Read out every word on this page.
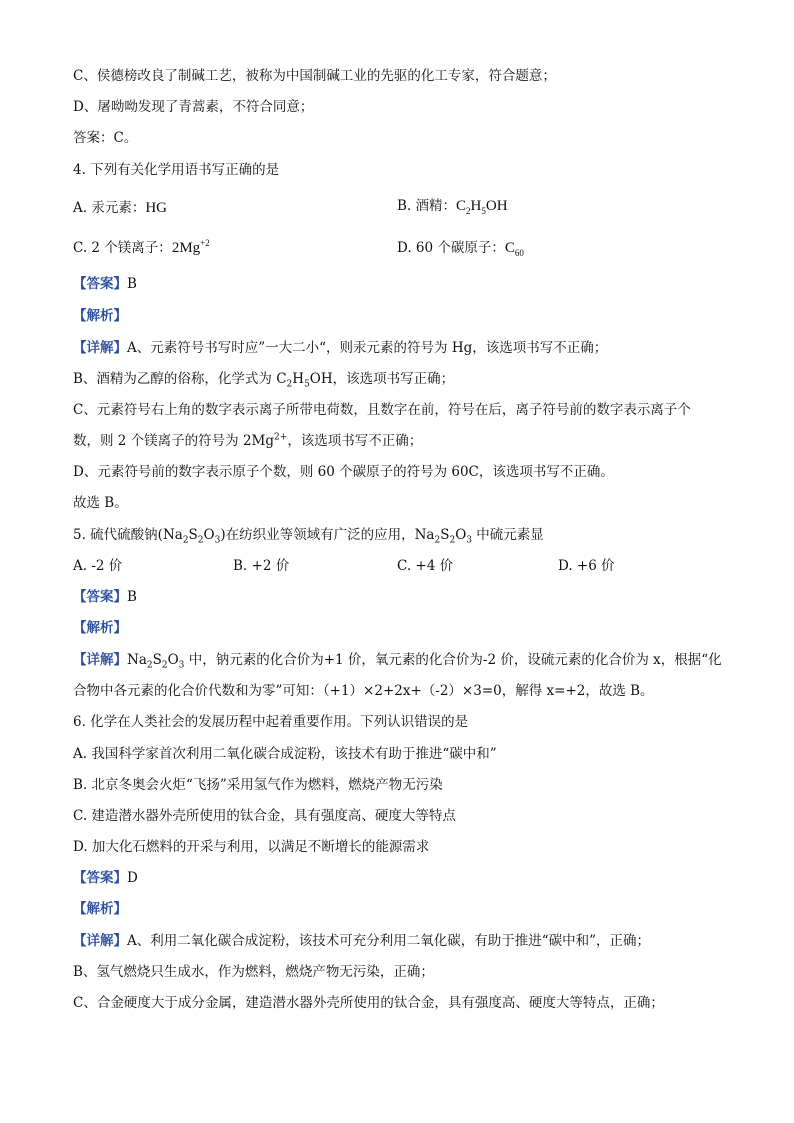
C、侯德榜改良了制碱工艺，被称为中国制碱工业的先驱的化工专家，符合题意；
D、屠呦呦发现了青蒿素，不符合同意；
答案：C。
4. 下列有关化学用语书写正确的是
A. 汞元素：HG	B. 酒精：$C_2H_5OH$
C. 2 个镁离子：$2Mg^{+2}$	D. 60 个碳原子：$C_{60}$
【答案】B
【解析】
【详解】A、元素符号书写时应”一大二小“，则汞元素的符号为 Hg，该选项书写不正确；
B、酒精为乙醇的俗称，化学式为 $C_2H_5OH$，该选项书写正确；
C、元素符号右上角的数字表示离子所带电荷数，且数字在前，符号在后，离子符号前的数字表示离子个
数，则 2 个镁离子的符号为 $2Mg^{2+}$，该选项书写不正确；
D、元素符号前的数字表示原子个数，则 60 个碳原子的符号为 60C，该选项书写不正确。
故选 B。
5. 硫代硫酸钠$(Na_2S_2O_3)$在纺织业等领域有广泛的应用，$Na_2S_2O_3$ 中硫元素显
A. -2 价	B. +2 价	C. +4 价	D. +6 价
【答案】B
【解析】
【详解】$Na_2S_2O_3$ 中，钠元素的化合价为+1 价，氧元素的化合价为-2 价，设硫元素的化合价为 x，根据“化
合物中各元素的化合价代数和为零”可知：（+1）×2+2x+（-2）×3=0，解得 x=+2，故选 B。
6. 化学在人类社会的发展历程中起着重要作用。下列认识错误的是
A. 我国科学家首次利用二氧化碳合成淀粉，该技术有助于推进“碳中和”
B. 北京冬奥会火炬“飞扬”采用氢气作为燃料，燃烧产物无污染
C. 建造潜水器外壳所使用的钛合金，具有强度高、硬度大等特点
D. 加大化石燃料的开采与利用，以满足不断增长的能源需求
【答案】D
【解析】
【详解】A、利用二氧化碳合成淀粉，该技术可充分利用二氧化碳，有助于推进“碳中和”，正确；
B、氢气燃烧只生成水，作为燃料，燃烧产物无污染，正确；
C、合金硬度大于成分金属，建造潜水器外壳所使用的钛合金，具有强度高、硬度大等特点，正确；
